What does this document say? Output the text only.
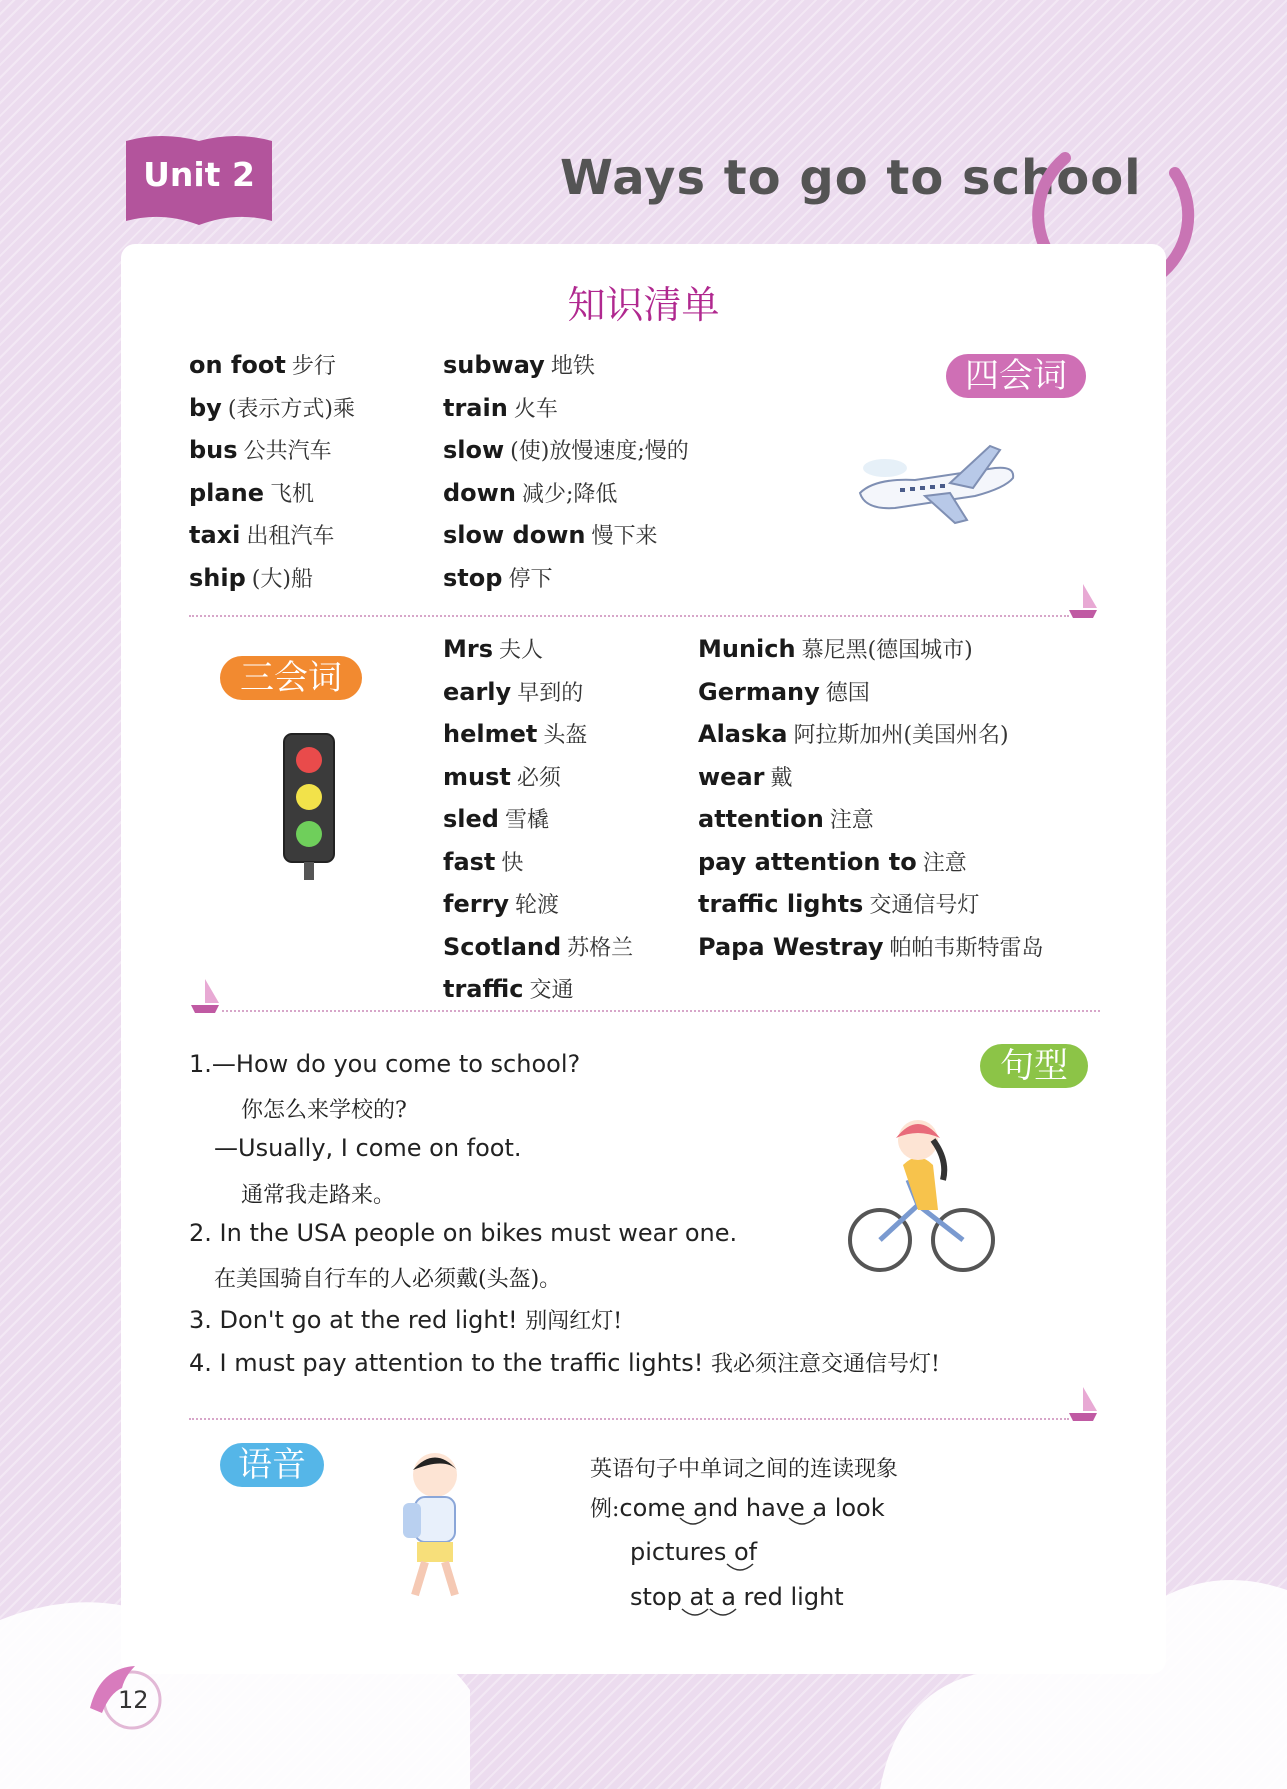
Unit 2	Ways to go to school
知识清单
on foot 步行
by (表示方式)乘
bus 公共汽车
plane 飞机
taxi 出租汽车
ship (大)船
subway 地铁
train 火车
slow (使)放慢速度;慢的
down 减少;降低
slow down 慢下来
stop 停下
四会词
三会词
Mrs 夫人
early 早到的
helmet 头盔
must 必须
sled 雪橇
fast 快
ferry 轮渡
Scotland 苏格兰
traffic 交通
Munich 慕尼黑(德国城市)
Germany 德国
Alaska 阿拉斯加州(美国州名)
wear 戴
attention 注意
pay attention to 注意
traffic lights 交通信号灯
Papa Westray 帕帕韦斯特雷岛
句型
1.—How do you come to school?
你怎么来学校的?
—Usually, I come on foot.
通常我走路来。
2. In the USA people on bikes must wear one.
在美国骑自行车的人必须戴(头盔)。
3. Don't go at the red light! 别闯红灯!
4. I must pay attention to the traffic lights! 我必须注意交通信号灯!
语音	英语句子中单词之间的连读现象
例:come and have a look
pictures of
stop at a red light
12
